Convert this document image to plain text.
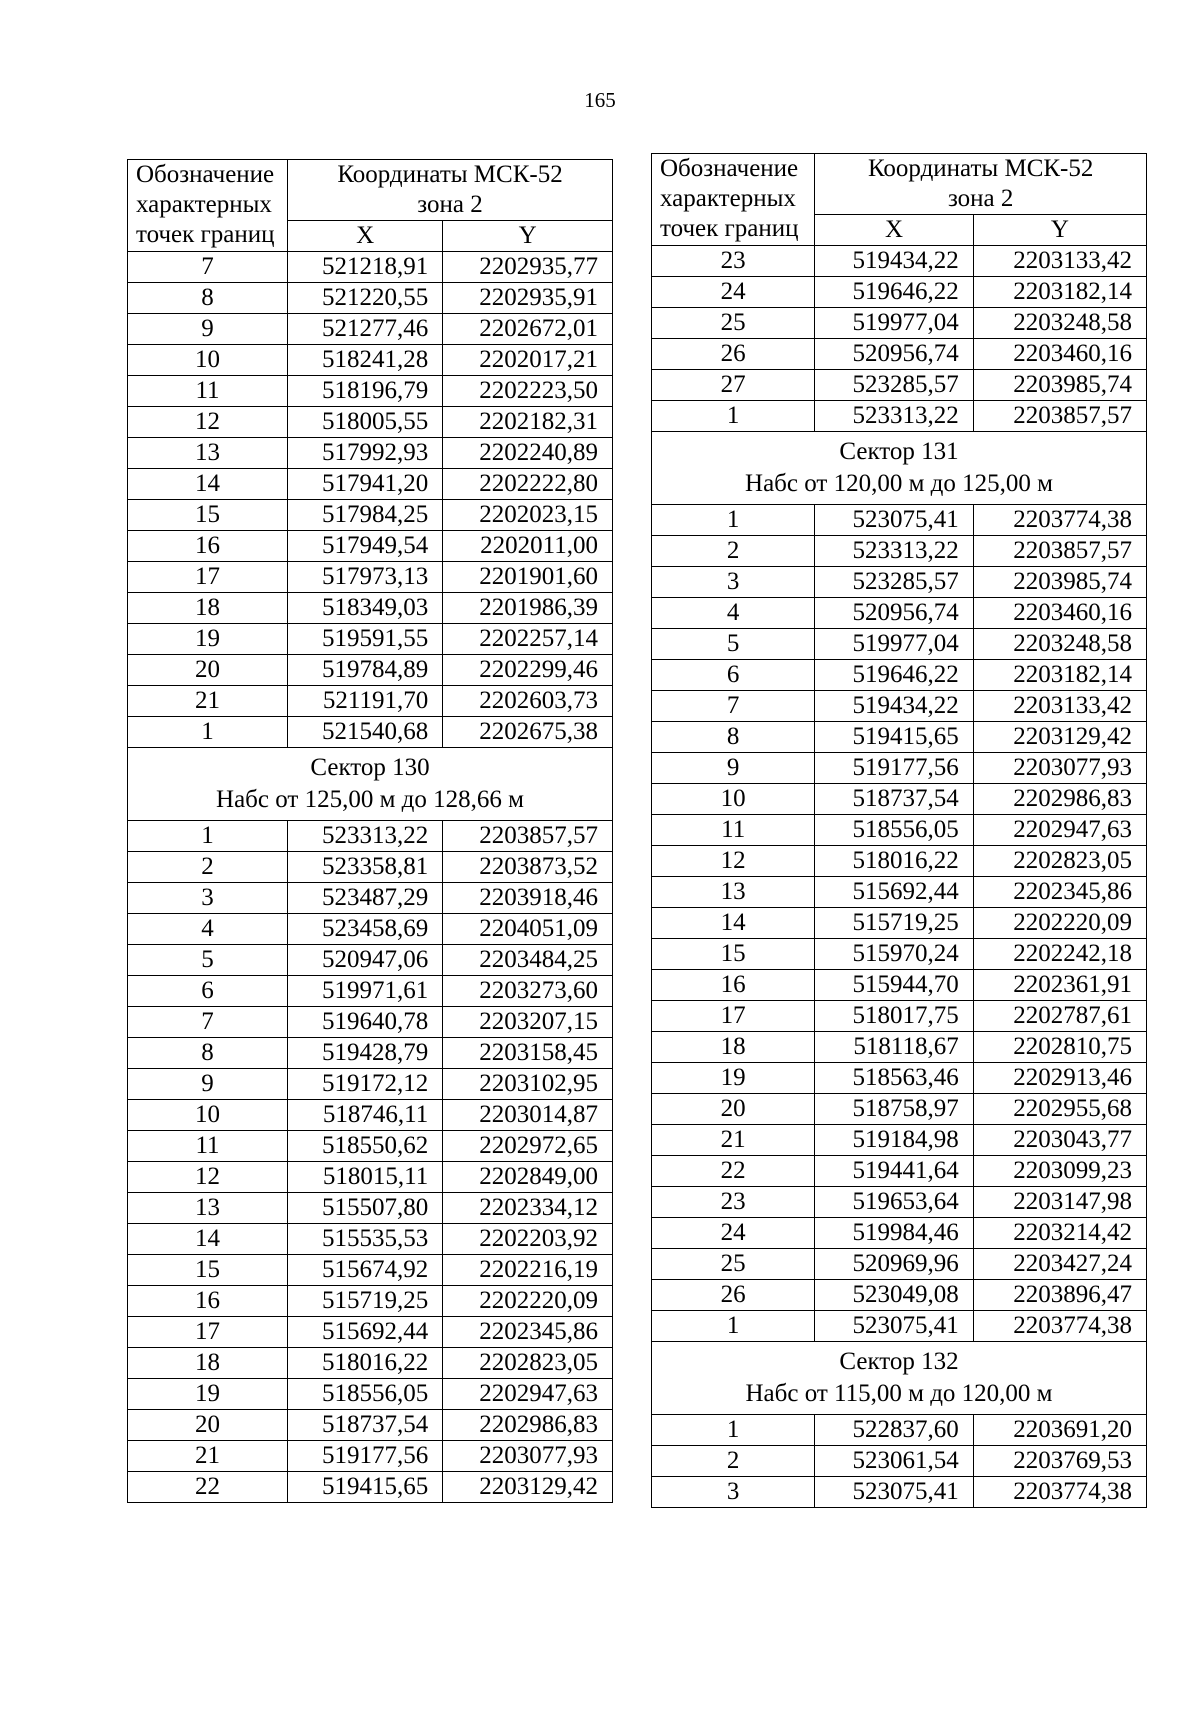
165
Обозначение характерных точек границ	Координаты МСК-52
зона 2	

	X	Y
7	521218,91	2202935,77
8	521220,55	2202935,91
9	521277,46	2202672,01
10	518241,28	2202017,21
11	518196,79	2202223,50
12	518005,55	2202182,31
13	517992,93	2202240,89
14	517941,20	2202222,80
15	517984,25	2202023,15
16	517949,54	2202011,00
17	517973,13	2201901,60
18	518349,03	2201986,39
19	519591,55	2202257,14
20	519784,89	2202299,46
21	521191,70	2202603,73
1	521540,68	2202675,38

Сектор 130
Набс от 125,00 м до 128,66 м		

1	523313,22	2203857,57
2	523358,81	2203873,52
3	523487,29	2203918,46
4	523458,69	2204051,09
5	520947,06	2203484,25
6	519971,61	2203273,60
7	519640,78	2203207,15
8	519428,79	2203158,45
9	519172,12	2203102,95
10	518746,11	2203014,87
11	518550,62	2202972,65
12	518015,11	2202849,00
13	515507,80	2202334,12
14	515535,53	2202203,92
15	515674,92	2202216,19
16	515719,25	2202220,09
17	515692,44	2202345,86
18	518016,22	2202823,05
19	518556,05	2202947,63
20	518737,54	2202986,83
21	519177,56	2203077,93
22	519415,65	2203129,42
Обозначение характерных точек границ	Координаты МСК-52
зона 2	

	X	Y
23	519434,22	2203133,42
24	519646,22	2203182,14
25	519977,04	2203248,58
26	520956,74	2203460,16
27	523285,57	2203985,74
1	523313,22	2203857,57

Сектор 131
Набс от 120,00 м до 125,00 м		

1	523075,41	2203774,38
2	523313,22	2203857,57
3	523285,57	2203985,74
4	520956,74	2203460,16
5	519977,04	2203248,58
6	519646,22	2203182,14
7	519434,22	2203133,42
8	519415,65	2203129,42
9	519177,56	2203077,93
10	518737,54	2202986,83
11	518556,05	2202947,63
12	518016,22	2202823,05
13	515692,44	2202345,86
14	515719,25	2202220,09
15	515970,24	2202242,18
16	515944,70	2202361,91
17	518017,75	2202787,61
18	518118,67	2202810,75
19	518563,46	2202913,46
20	518758,97	2202955,68
21	519184,98	2203043,77
22	519441,64	2203099,23
23	519653,64	2203147,98
24	519984,46	2203214,42
25	520969,96	2203427,24
26	523049,08	2203896,47
1	523075,41	2203774,38

Сектор 132
Набс от 115,00 м до 120,00 м		

1	522837,60	2203691,20
2	523061,54	2203769,53
3	523075,41	2203774,38
